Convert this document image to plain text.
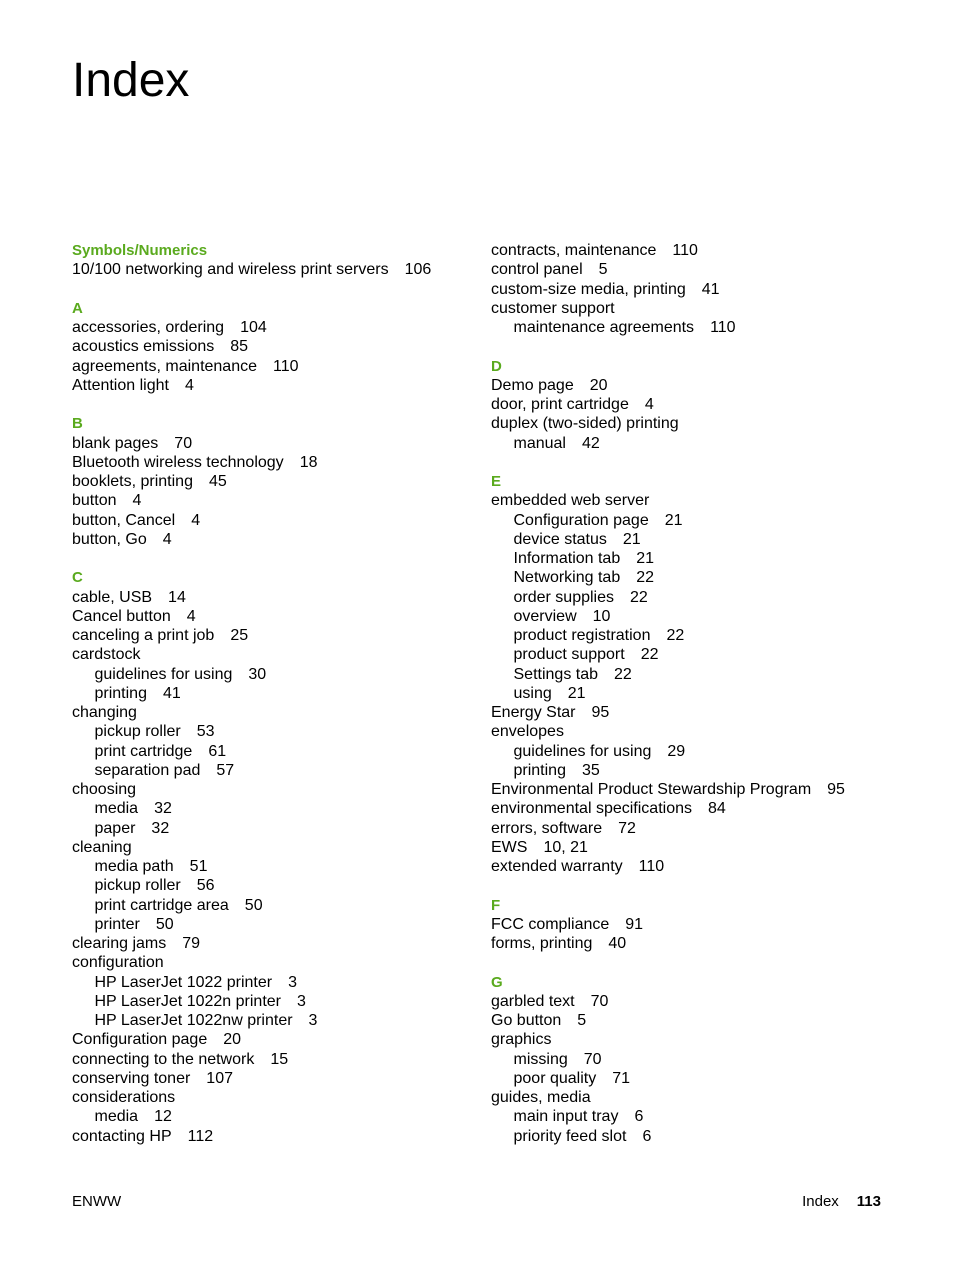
Index
Symbols/Numerics
10/100 networking and wireless print servers 106
A
accessories, ordering 104
acoustics emissions 85
agreements, maintenance 110
Attention light 4
B
blank pages 70
Bluetooth wireless technology 18
booklets, printing 45
button 4
button, Cancel 4
button, Go 4
C
cable, USB 14
Cancel button 4
canceling a print job 25
cardstock
guidelines for using 30
printing 41
changing
pickup roller 53
print cartridge 61
separation pad 57
choosing
media 32
paper 32
cleaning
media path 51
pickup roller 56
print cartridge area 50
printer 50
clearing jams 79
configuration
HP LaserJet 1022 printer 3
HP LaserJet 1022n printer 3
HP LaserJet 1022nw printer 3
Configuration page 20
connecting to the network 15
conserving toner 107
considerations
media 12
contacting HP 112
contracts, maintenance 110
control panel 5
custom-size media, printing 41
customer support
maintenance agreements 110
D
Demo page 20
door, print cartridge 4
duplex (two-sided) printing
manual 42
E
embedded web server
Configuration page 21
device status 21
Information tab 21
Networking tab 22
order supplies 22
overview 10
product registration 22
product support 22
Settings tab 22
using 21
Energy Star 95
envelopes
guidelines for using 29
printing 35
Environmental Product Stewardship Program 95
environmental specifications 84
errors, software 72
EWS 10, 21
extended warranty 110
F
FCC compliance 91
forms, printing 40
G
garbled text 70
Go button 5
graphics
missing 70
poor quality 71
guides, media
main input tray 6
priority feed slot 6
ENWW	Index 113
